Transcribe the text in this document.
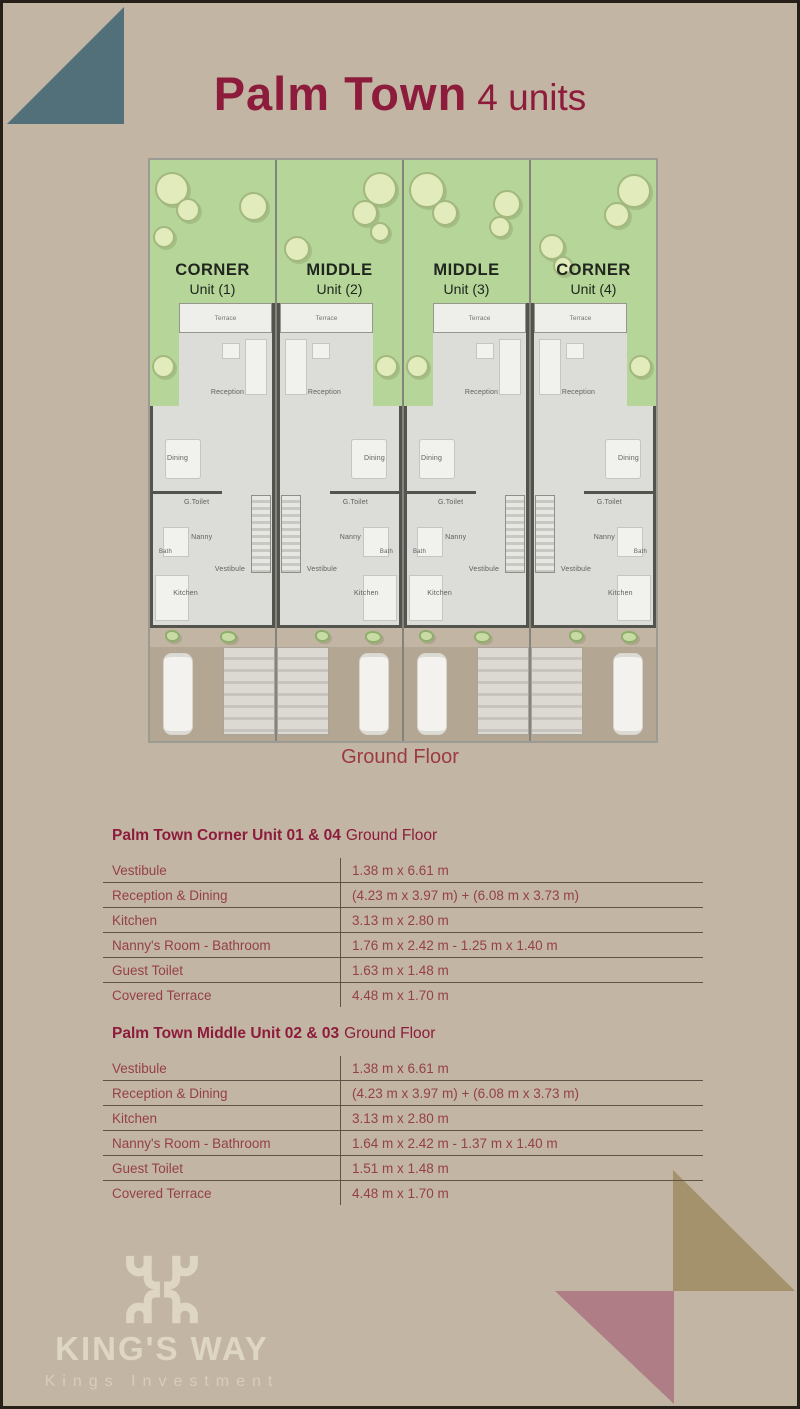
Palm Town 4 units
CORNER
Unit (1)
Terrace
Reception
Dining
G.Toilet
Nanny
Bath
Vestibule
Kitchen
MIDDLE
Unit (2)
Terrace
Reception
Dining
G.Toilet
Nanny
Bath
Vestibule
Kitchen
MIDDLE
Unit (3)
Terrace
Reception
Dining
G.Toilet
Nanny
Bath
Vestibule
Kitchen
CORNER
Unit (4)
Terrace
Reception
Dining
G.Toilet
Nanny
Bath
Vestibule
Kitchen
Ground Floor
Palm Town Corner Unit 01 & 04 Ground Floor
Vestibule	1.38 m x 6.61 m
Reception & Dining	(4.23 m x 3.97 m) + (6.08 m x 3.73 m)
Kitchen	3.13 m x 2.80 m
Nanny's Room - Bathroom	1.76 m x 2.42 m - 1.25 m x 1.40 m
Guest Toilet	1.63 m x 1.48 m
Covered Terrace	4.48 m x 1.70 m
Palm Town Middle Unit 02 & 03 Ground Floor
Vestibule	1.38 m x 6.61 m
Reception & Dining	(4.23 m x 3.97 m) + (6.08 m x 3.73 m)
Kitchen	3.13 m x 2.80 m
Nanny's Room - Bathroom	1.64 m x 2.42 m - 1.37 m x 1.40 m
Guest Toilet	1.51 m x 1.48 m
Covered Terrace	4.48 m x 1.70 m
KING'S WAY
Kings Investment
